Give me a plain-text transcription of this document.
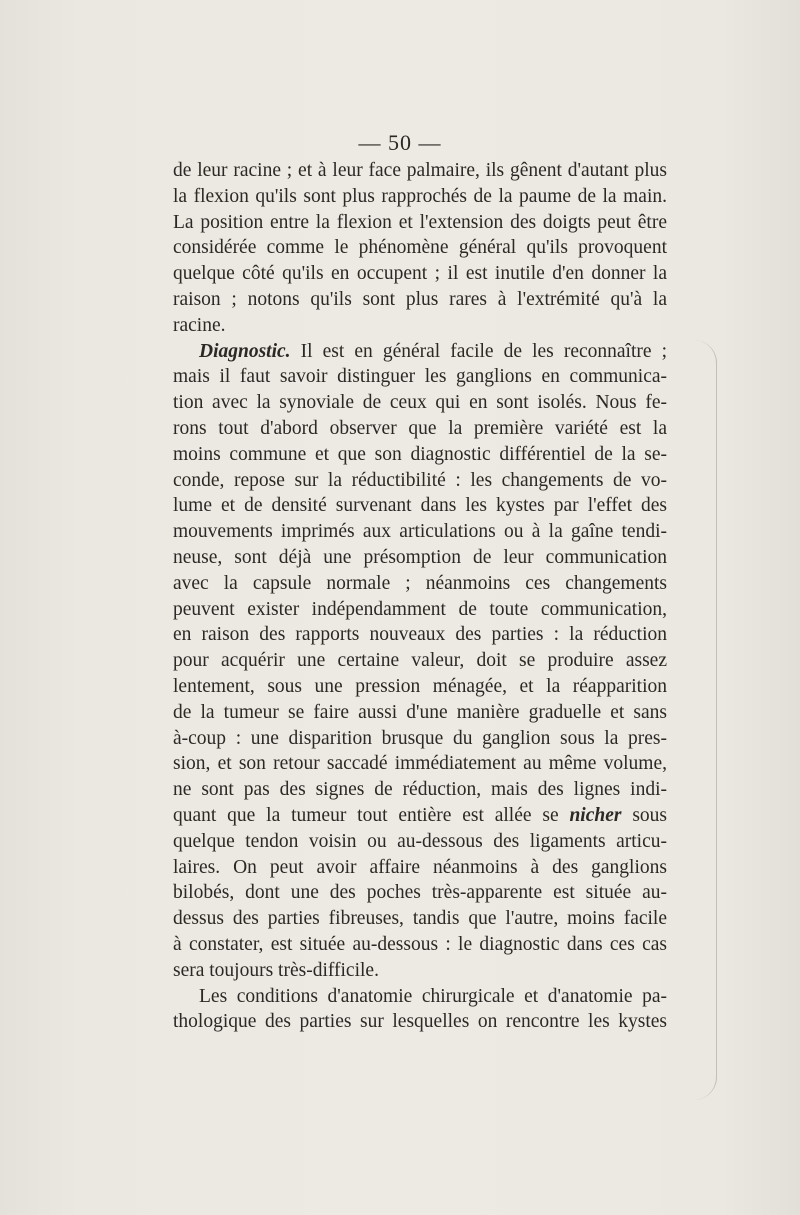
— 50 —
de leur racine ; et à leur face palmaire, ils gênent d'autant plus
la flexion qu'ils sont plus rapprochés de la paume de la main.
La position entre la flexion et l'extension des doigts peut être
considérée comme le phénomène général qu'ils provoquent
quelque côté qu'ils en occupent ; il est inutile d'en donner la
raison ; notons qu'ils sont plus rares à l'extrémité qu'à la
racine.
Diagnostic. Il est en général facile de les reconnaître ;
mais il faut savoir distinguer les ganglions en communica-
tion avec la synoviale de ceux qui en sont isolés. Nous fe-
rons tout d'abord observer que la première variété est la
moins commune et que son diagnostic différentiel de la se-
conde, repose sur la réductibilité : les changements de vo-
lume et de densité survenant dans les kystes par l'effet des
mouvements imprimés aux articulations ou à la gaîne tendi-
neuse, sont déjà une présomption de leur communication
avec la capsule normale ; néanmoins ces changements
peuvent exister indépendamment de toute communication,
en raison des rapports nouveaux des parties : la réduction
pour acquérir une certaine valeur, doit se produire assez
lentement, sous une pression ménagée, et la réapparition
de la tumeur se faire aussi d'une manière graduelle et sans
à-coup : une disparition brusque du ganglion sous la pres-
sion, et son retour saccadé immédiatement au même volume,
ne sont pas des signes de réduction, mais des lignes indi-
quant que la tumeur tout entière est allée se nicher sous
quelque tendon voisin ou au-dessous des ligaments articu-
laires. On peut avoir affaire néanmoins à des ganglions
bilobés, dont une des poches très-apparente est située au-
dessus des parties fibreuses, tandis que l'autre, moins facile
à constater, est située au-dessous : le diagnostic dans ces cas
sera toujours très-difficile.
Les conditions d'anatomie chirurgicale et d'anatomie pa-
thologique des parties sur lesquelles on rencontre les kystes
